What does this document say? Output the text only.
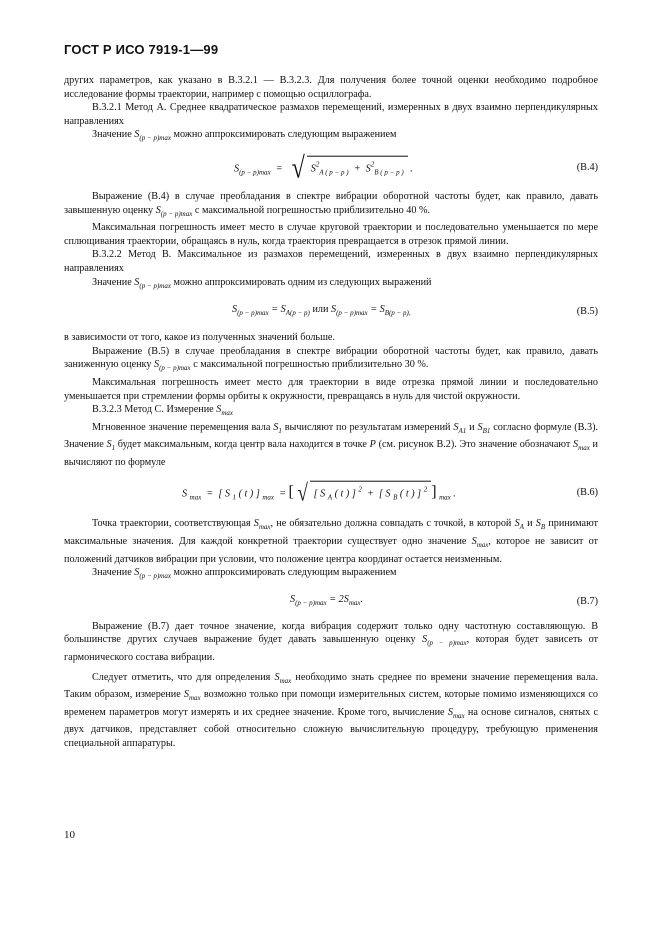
ГОСТ Р ИСО 7919-1—99

других параметров, как указано в В.3.2.1 — В.3.2.3. Для получения более точной оценки необходимо подробное исследование формы траектории, например с помощью осциллографа.

В.3.2.1 Метод А. Среднее квадратическое размахов перемещений, измеренных в двух взаимно перпендикулярных направлениях

Значение $S_{(p - p)max}$ можно аппроксимировать следующим выражением

$S_{(p - p)max}$  =   √ $S^2_{A ( p - p )} + S^2_{B ( p - p )}$ .	(В.4)

Выражение (В.4) в случае преобладания в спектре вибрации оборотной частоты будет, как правило, давать завышенную оценку $S_{(p - p)max}$ с максимальной погрешностью приблизительно 40 %.

Максимальная погрешность имеет место в случае круговой траектории и последовательно уменьшается по мере сплющивания траектории, обращаясь в нуль, когда траектория превращается в отрезок прямой линии.

В.3.2.2 Метод В. Максимальное из размахов перемещений, измеренных в двух взаимно перпендикулярных направлениях

Значение $S_{(p - p)max}$ можно аппроксимировать одним из следующих выражений

$S_{(p - p)max} = S_{A(p - p)}$ или $S_{(p - p)max} = S_{B(p - p),}$	(В.5)

в зависимости от того, какое из полученных значений больше.

Выражение (В.5) в случае преобладания в спектре вибрации оборотной частоты будет, как правило, давать заниженную оценку $S_{(p - p)max}$ с максимальной погрешностью приблизительно 30 %.

Максимальная погрешность имеет место для траектории в виде отрезка прямой линии и последовательно уменьшается при стремлении формы орбиты к окружности, превращаясь в нуль для чистой окружности.

В.3.2.3 Метод С. Измерение $S_{max}$

Мгновенное значение перемещения вала $S_1$ вычисляют по результатам измерений $S_{A1}$ и $S_{B1}$ согласно формуле (В.3). Значение $S_1$ будет максимальным, когда центр вала находится в точке P (см. рисунок В.2). Это значение обозначают $S_{max}$ и вычисляют по формуле

S $_{max}$  =  [ S $_1$ ( t ) ] $_{max}$  = [ √ [ S $_A$ ( t ) ] $^2$  +  [ S $_B$ ( t ) ] $^2$ ] $_{max}$ .	(В.6)

Точка траектории, соответствующая $S_{max}$, не обязательно должна совпадать с точкой, в которой $S_A$ и $S_B$ принимают максимальные значения. Для каждой конкретной траектории существует одно значение $S_{max}$, которое не зависит от положений датчиков вибрации при условии, что положение центра координат остается неизменным.

Значение $S_{(p - p)max}$ можно аппроксимировать следующим выражением

$S_{(p - p)max} = 2S_{max}$.	(В.7)

Выражение (В.7) дает точное значение, когда вибрация содержит только одну частотную составляющую. В большинстве других случаев выражение будет давать завышенную оценку $S_{(p - p)max}$, которая будет зависеть от гармонического состава вибрации.

Следует отметить, что для определения $S_{max}$ необходимо знать среднее по времени значение перемещения вала. Таким образом, измерение $S_{max}$ возможно только при помощи измерительных систем, которые помимо изменяющихся со временем параметров могут измерять и их среднее значение. Кроме того, вычисление $S_{max}$ на основе сигналов, снятых с двух датчиков, представляет собой относительно сложную вычислительную процедуру, требующую применения специальной аппаратуры.

10
